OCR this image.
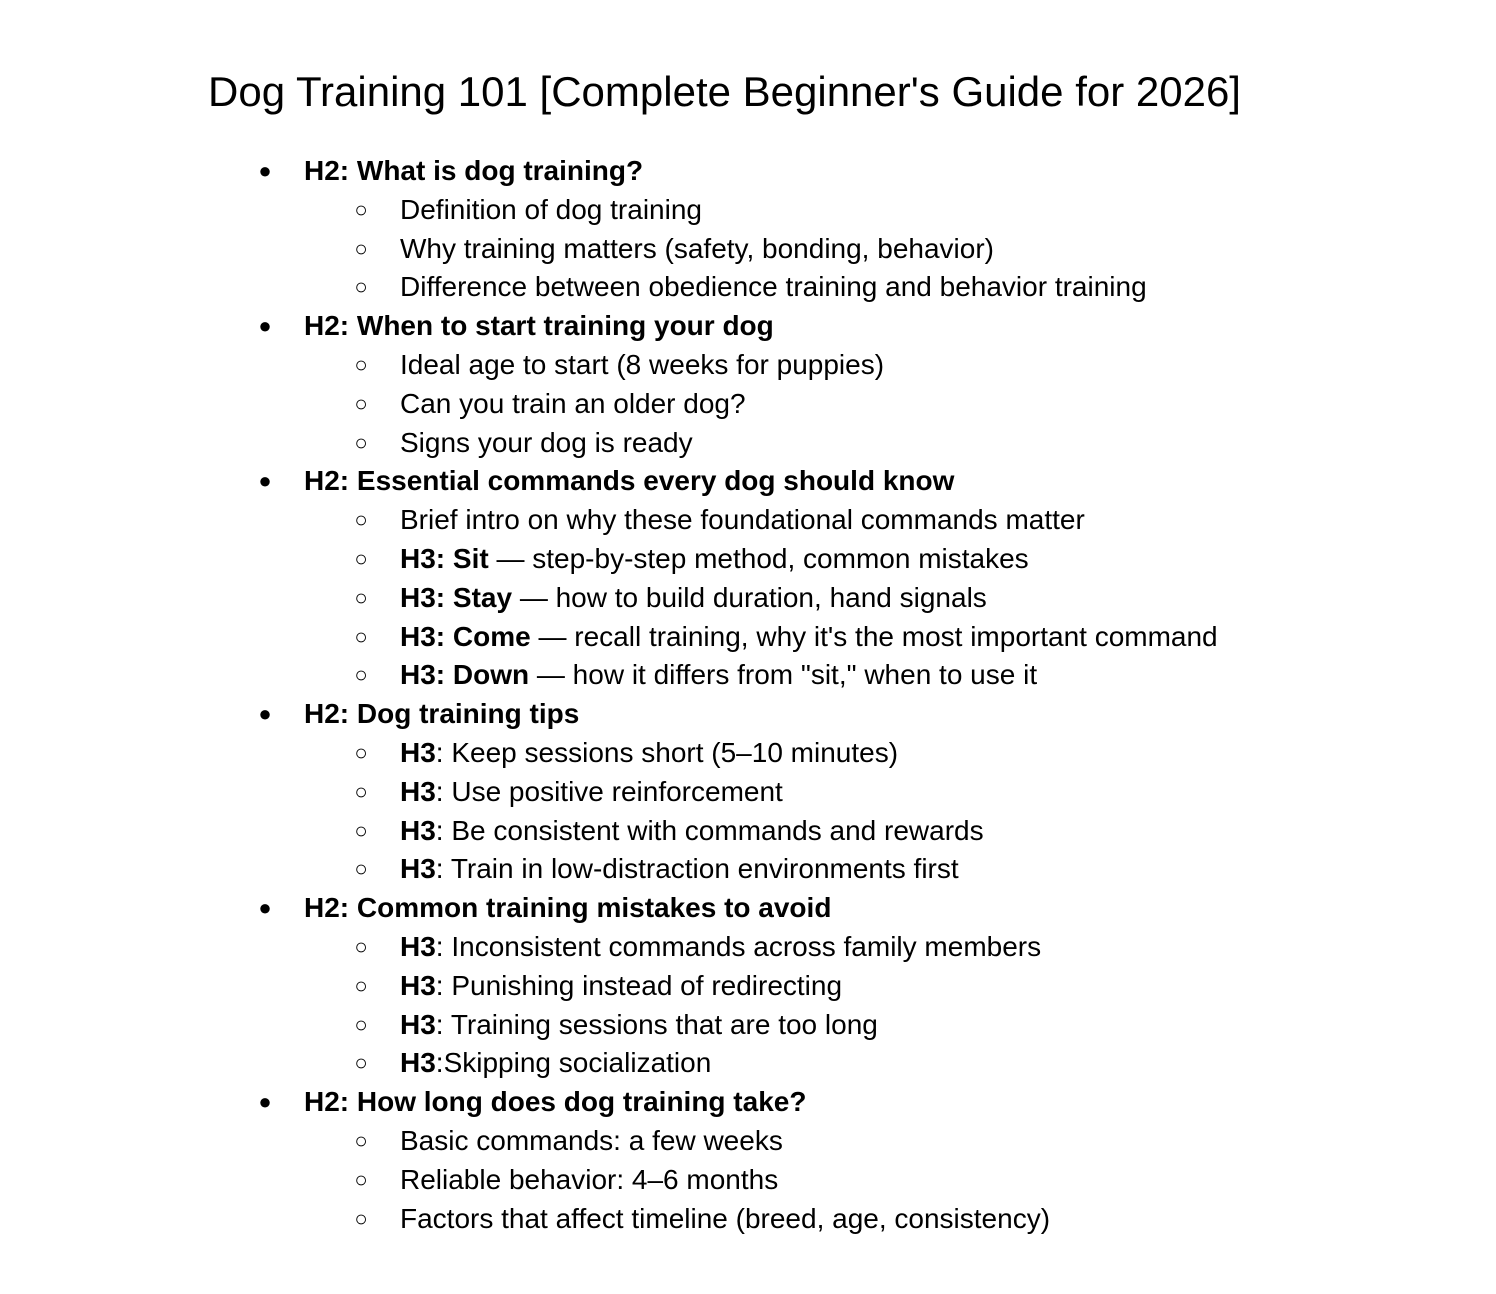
Dog Training 101 [Complete Beginner's Guide for 2026]
● H2: What is dog training?
○ Definition of dog training
○ Why training matters (safety, bonding, behavior)
○ Difference between obedience training and behavior training
● H2: When to start training your dog
○ Ideal age to start (8 weeks for puppies)
○ Can you train an older dog?
○ Signs your dog is ready
● H2: Essential commands every dog should know
○ Brief intro on why these foundational commands matter
○ H3: Sit — step-by-step method, common mistakes
○ H3: Stay — how to build duration, hand signals
○ H3: Come — recall training, why it's the most important command
○ H3: Down — how it differs from "sit," when to use it
● H2: Dog training tips
○ H3: Keep sessions short (5–10 minutes)
○ H3: Use positive reinforcement
○ H3: Be consistent with commands and rewards
○ H3: Train in low-distraction environments first
● H2: Common training mistakes to avoid
○ H3: Inconsistent commands across family members
○ H3: Punishing instead of redirecting
○ H3: Training sessions that are too long
○ H3:Skipping socialization
● H2: How long does dog training take?
○ Basic commands: a few weeks
○ Reliable behavior: 4–6 months
○ Factors that affect timeline (breed, age, consistency)
